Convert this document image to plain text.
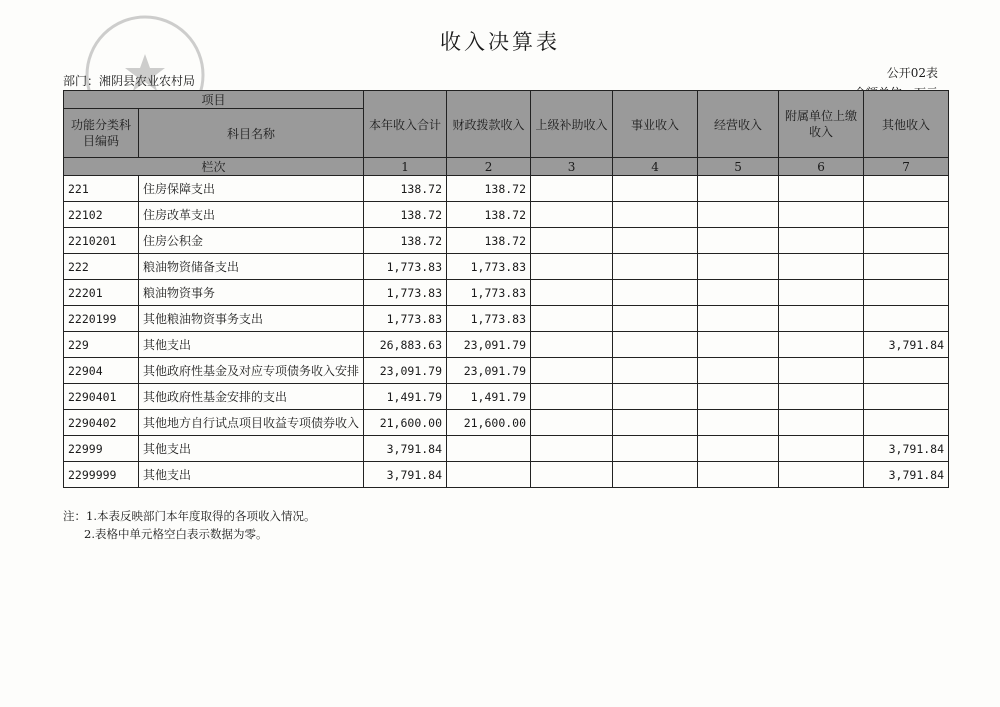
收入决算表
公开02表
部门：湘阴县农业农村局
项目		本年收入合计	财政拨款收入	上级补助收入	事业收入	经营收入	附属单位上缴收入	其他收入
功能分类科目编码	科目名称							
栏次		1	2	3	4	5	6	7
221	住房保障支出	138.72	138.72					
22102	住房改革支出	138.72	138.72					
2210201	住房公积金	138.72	138.72					
222	粮油物资储备支出	1,773.83	1,773.83					
22201	粮油物资事务	1,773.83	1,773.83					
2220199	其他粮油物资事务支出	1,773.83	1,773.83					
229	其他支出	26,883.63	23,091.79					3,791.84
22904	其他政府性基金及对应专项债务收入安排	23,091.79	23,091.79					
2290401	其他政府性基金安排的支出	1,491.79	1,491.79					
2290402	其他地方自行试点项目收益专项债券收入	21,600.00	21,600.00					
22999	其他支出	3,791.84						3,791.84
2299999	其他支出	3,791.84						3,791.84
注：1.本表反映部门本年度取得的各项收入情况。
2.表格中单元格空白表示数据为零。
